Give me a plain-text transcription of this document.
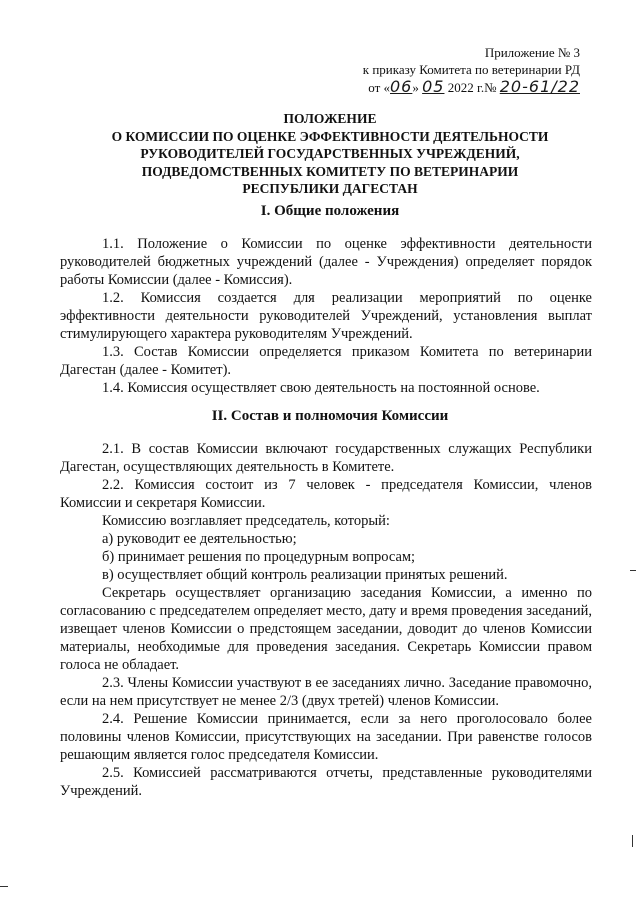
Приложение № 3
к приказу Комитета по ветеринарии РД
от «06» 05 2022 г.№ 20-61/22
ПОЛОЖЕНИЕ
О КОМИССИИ ПО ОЦЕНКЕ ЭФФЕКТИВНОСТИ ДЕЯТЕЛЬНОСТИ
РУКОВОДИТЕЛЕЙ ГОСУДАРСТВЕННЫХ УЧРЕЖДЕНИЙ,
ПОДВЕДОМСТВЕННЫХ КОМИТЕТУ ПО ВЕТЕРИНАРИИ
РЕСПУБЛИКИ ДАГЕСТАН
I. Общие положения

1.1. Положение о Комиссии по оценке эффективности деятельности руководителей бюджетных учреждений (далее - Учреждения) определяет порядок работы Комиссии (далее - Комиссия).

1.2. Комиссия создается для реализации мероприятий по оценке эффективности деятельности руководителей Учреждений, установления выплат стимулирующего характера руководителям Учреждений.

1.3. Состав Комиссии определяется приказом Комитета по ветеринарии Дагестан (далее - Комитет).

1.4. Комиссия осуществляет свою деятельность на постоянной основе.

II. Состав и полномочия Комиссии

2.1. В состав Комиссии включают государственных служащих Республики Дагестан, осуществляющих деятельность в Комитете.

2.2. Комиссия состоит из 7 человек - председателя Комиссии, членов Комиссии и секретаря Комиссии.

Комиссию возглавляет председатель, который:

а) руководит ее деятельностью;

б) принимает решения по процедурным вопросам;

в) осуществляет общий контроль реализации принятых решений.

Секретарь осуществляет организацию заседания Комиссии, а именно по согласованию с председателем определяет место, дату и время проведения заседаний, извещает членов Комиссии о предстоящем заседании, доводит до членов Комиссии материалы, необходимые для проведения заседания. Секретарь Комиссии правом голоса не обладает.

2.3. Члены Комиссии участвуют в ее заседаниях лично. Заседание правомочно, если на нем присутствует не менее 2/3 (двух третей) членов Комиссии.

2.4. Решение Комиссии принимается, если за него проголосовало более половины членов Комиссии, присутствующих на заседании. При равенстве голосов решающим является голос председателя Комиссии.

2.5. Комиссией рассматриваются отчеты, представленные руководителями Учреждений.
